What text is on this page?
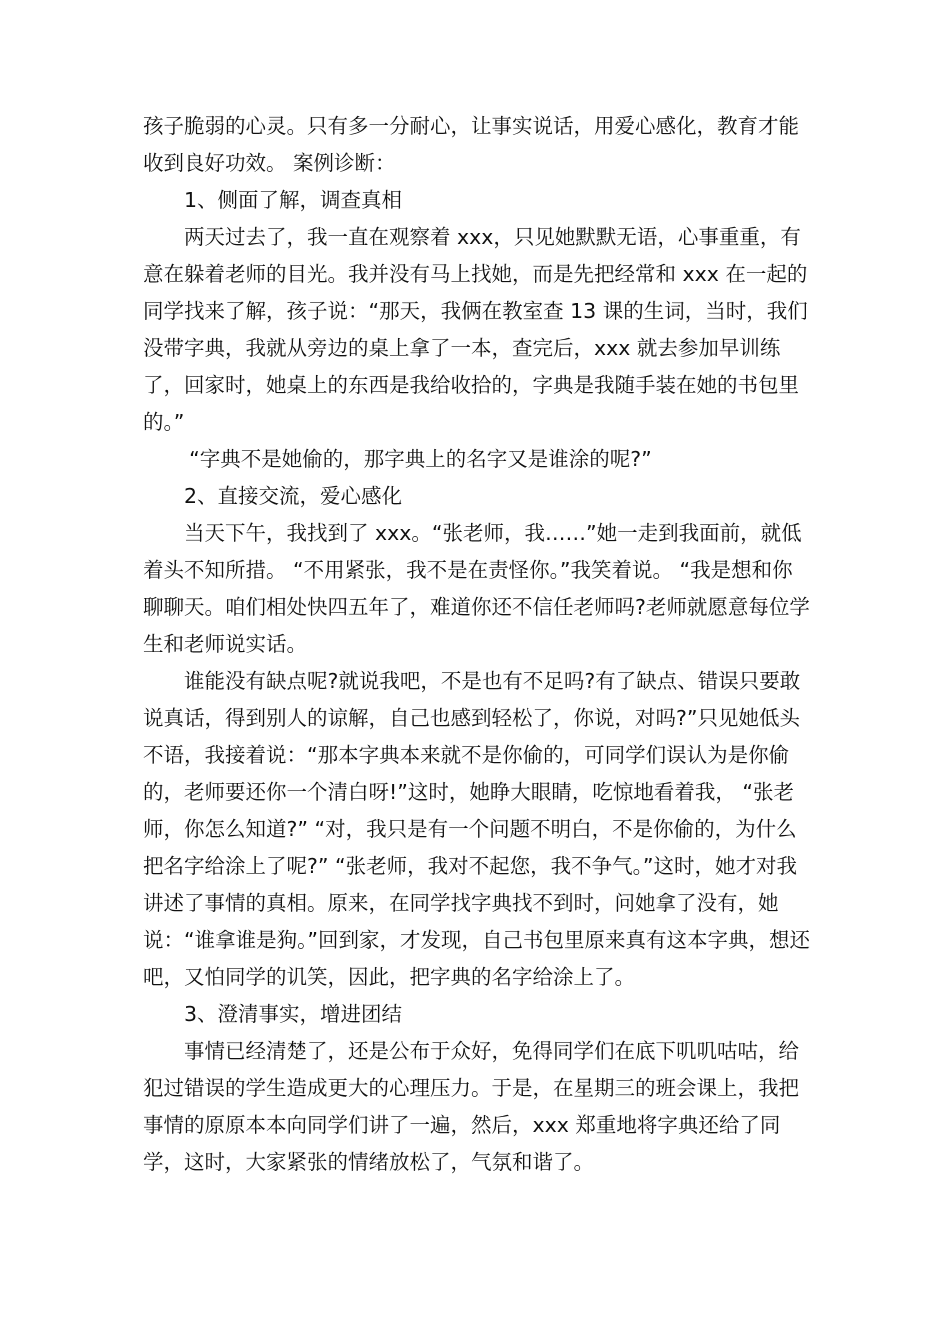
孩子脆弱的心灵。只有多一分耐心，让事实说话，用爱心感化，教育才能收到良好功效。 案例诊断：

1、侧面了解，调查真相

两天过去了，我一直在观察着 xxx，只见她默默无语，心事重重，有意在躲着老师的目光。我并没有马上找她，而是先把经常和 xxx 在一起的同学找来了解，孩子说：“那天，我俩在教室查 13 课的生词，当时，我们没带字典，我就从旁边的桌上拿了一本，查完后，xxx 就去参加早训练了，回家时，她桌上的东西是我给收拾的，字典是我随手装在她的书包里的。”

“字典不是她偷的，那字典上的名字又是谁涂的呢?”

2、直接交流，爱心感化

当天下午，我找到了 xxx。“张老师，我……”她一走到我面前，就低着头不知所措。 “不用紧张，我不是在责怪你。”我笑着说。 “我是想和你聊聊天。咱们相处快四五年了，难道你还不信任老师吗?老师就愿意每位学生和老师说实话。

谁能没有缺点呢?就说我吧，不是也有不足吗?有了缺点、错误只要敢说真话，得到别人的谅解，自己也感到轻松了，你说，对吗?”只见她低头不语，我接着说：“那本字典本来就不是你偷的，可同学们误认为是你偷的，老师要还你一个清白呀!”这时，她睁大眼睛，吃惊地看着我， “张老师，你怎么知道?” “对，我只是有一个问题不明白，不是你偷的，为什么把名字给涂上了呢?” “张老师，我对不起您，我不争气。”这时，她才对我讲述了事情的真相。原来，在同学找字典找不到时，问她拿了没有，她说：“谁拿谁是狗。”回到家，才发现，自己书包里原来真有这本字典，想还吧，又怕同学的讥笑，因此，把字典的名字给涂上了。

3、澄清事实，增进团结

事情已经清楚了，还是公布于众好，免得同学们在底下叽叽咕咕，给犯过错误的学生造成更大的心理压力。于是，在星期三的班会课上，我把事情的原原本本向同学们讲了一遍，然后，xxx 郑重地将字典还给了同学，这时，大家紧张的情绪放松了，气氛和谐了。
